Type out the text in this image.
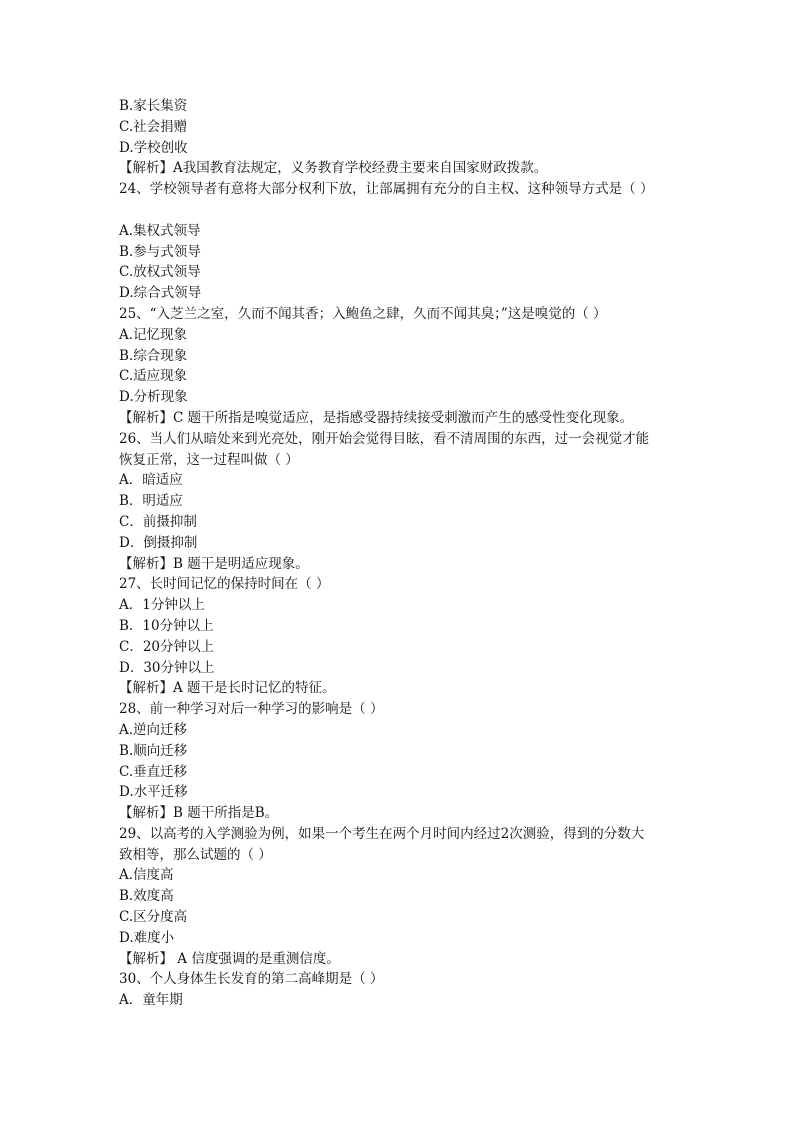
B.家长集资
C.社会捐赠
D.学校创收
【解析】A我国教育法规定，义务教育学校经费主要来自国家财政拨款。
24、学校领导者有意将大部分权利下放，让部属拥有充分的自主权、这种领导方式是（ ）
A.集权式领导
B.参与式领导
C.放权式领导
D.综合式领导
25、“入芝兰之室，久而不闻其香；入鲍鱼之肆，久而不闻其臭；”这是嗅觉的（ ）
A.记忆现象
B.综合现象
C.适应现象
D.分析现象
【解析】C 题干所指是嗅觉适应，是指感受器持续接受刺激而产生的感受性变化现象。
26、当人们从暗处来到光亮处，刚开始会觉得目眩，看不清周围的东西，过一会视觉才能
恢复正常，这一过程叫做（ ）
A．暗适应
B．明适应
C．前摄抑制
D．倒摄抑制
【解析】B 题干是明适应现象。
27、长时间记忆的保持时间在（ ）
A．1分钟以上
B．10分钟以上
C．20分钟以上
D．30分钟以上
【解析】A 题干是长时记忆的特征。
28、前一种学习对后一种学习的影响是（ ）
A.逆向迁移
B.顺向迁移
C.垂直迁移
D.水平迁移
【解析】B 题干所指是B。
29、以高考的入学测验为例，如果一个考生在两个月时间内经过2次测验，得到的分数大
致相等，那么试题的（ ）
A.信度高
B.效度高
C.区分度高
D.难度小
【解析】 A 信度强调的是重测信度。
30、个人身体生长发育的第二高峰期是（ ）
A．童年期
